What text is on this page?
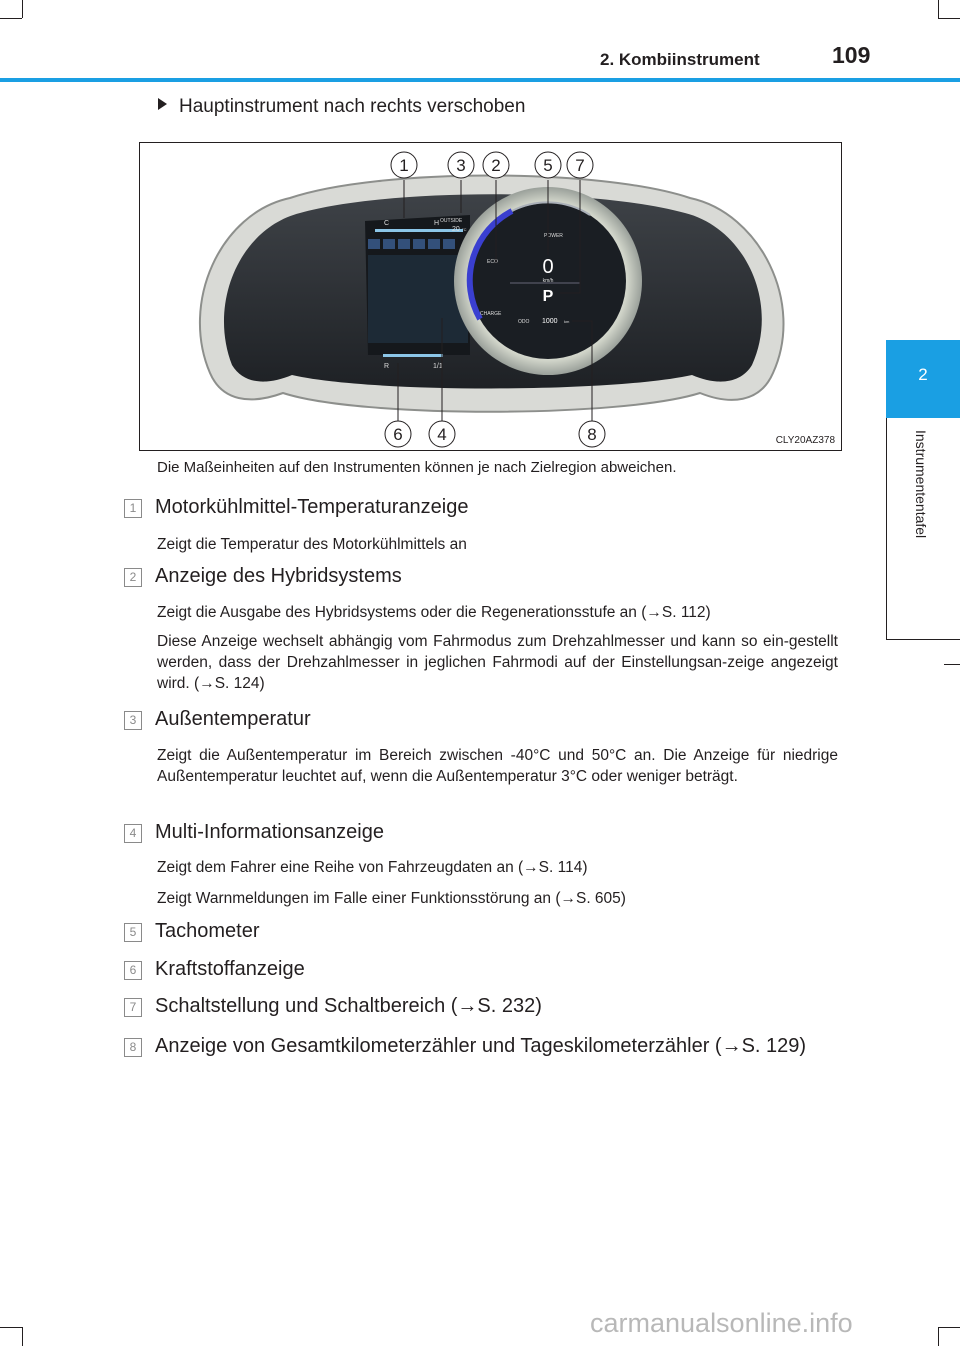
2. Kombiinstrument	109
2
Instrumententafel
Hauptinstrument nach rechts verschoben
C	H OUTSIDE
20 °C
R	1/1
POWER
ECO
CHARGE
0
km/h
P
ODO 1000 km
1	3 2	5 7
6 4	8	CLY20AZ378
Die Maßeinheiten auf den Instrumenten können je nach Zielregion abweichen.
1 Motorkühlmittel-Temperaturanzeige
Zeigt die Temperatur des Motorkühlmittels an
2 Anzeige des Hybridsystems
Zeigt die Ausgabe des Hybridsystems oder die Regenerationsstufe an (→S. 112)
Diese Anzeige wechselt abhängig vom Fahrmodus zum Drehzahlmesser und kann so ein-gestellt werden, dass der Drehzahlmesser in jeglichen Fahrmodi auf der Einstellungsan-zeige angezeigt wird. (→S. 124)
3 Außentemperatur
Zeigt die Außentemperatur im Bereich zwischen -40°C und 50°C an. Die Anzeige für niedrige Außentemperatur leuchtet auf, wenn die Außentemperatur 3°C oder weniger beträgt.
4 Multi-Informationsanzeige
Zeigt dem Fahrer eine Reihe von Fahrzeugdaten an (→S. 114)
Zeigt Warnmeldungen im Falle einer Funktionsstörung an (→S. 605)
5 Tachometer
6 Kraftstoffanzeige
7 Schaltstellung und Schaltbereich (→S. 232)
8 Anzeige von Gesamtkilometerzähler und Tageskilometerzähler (→S. 129)
carmanualsonline.info
